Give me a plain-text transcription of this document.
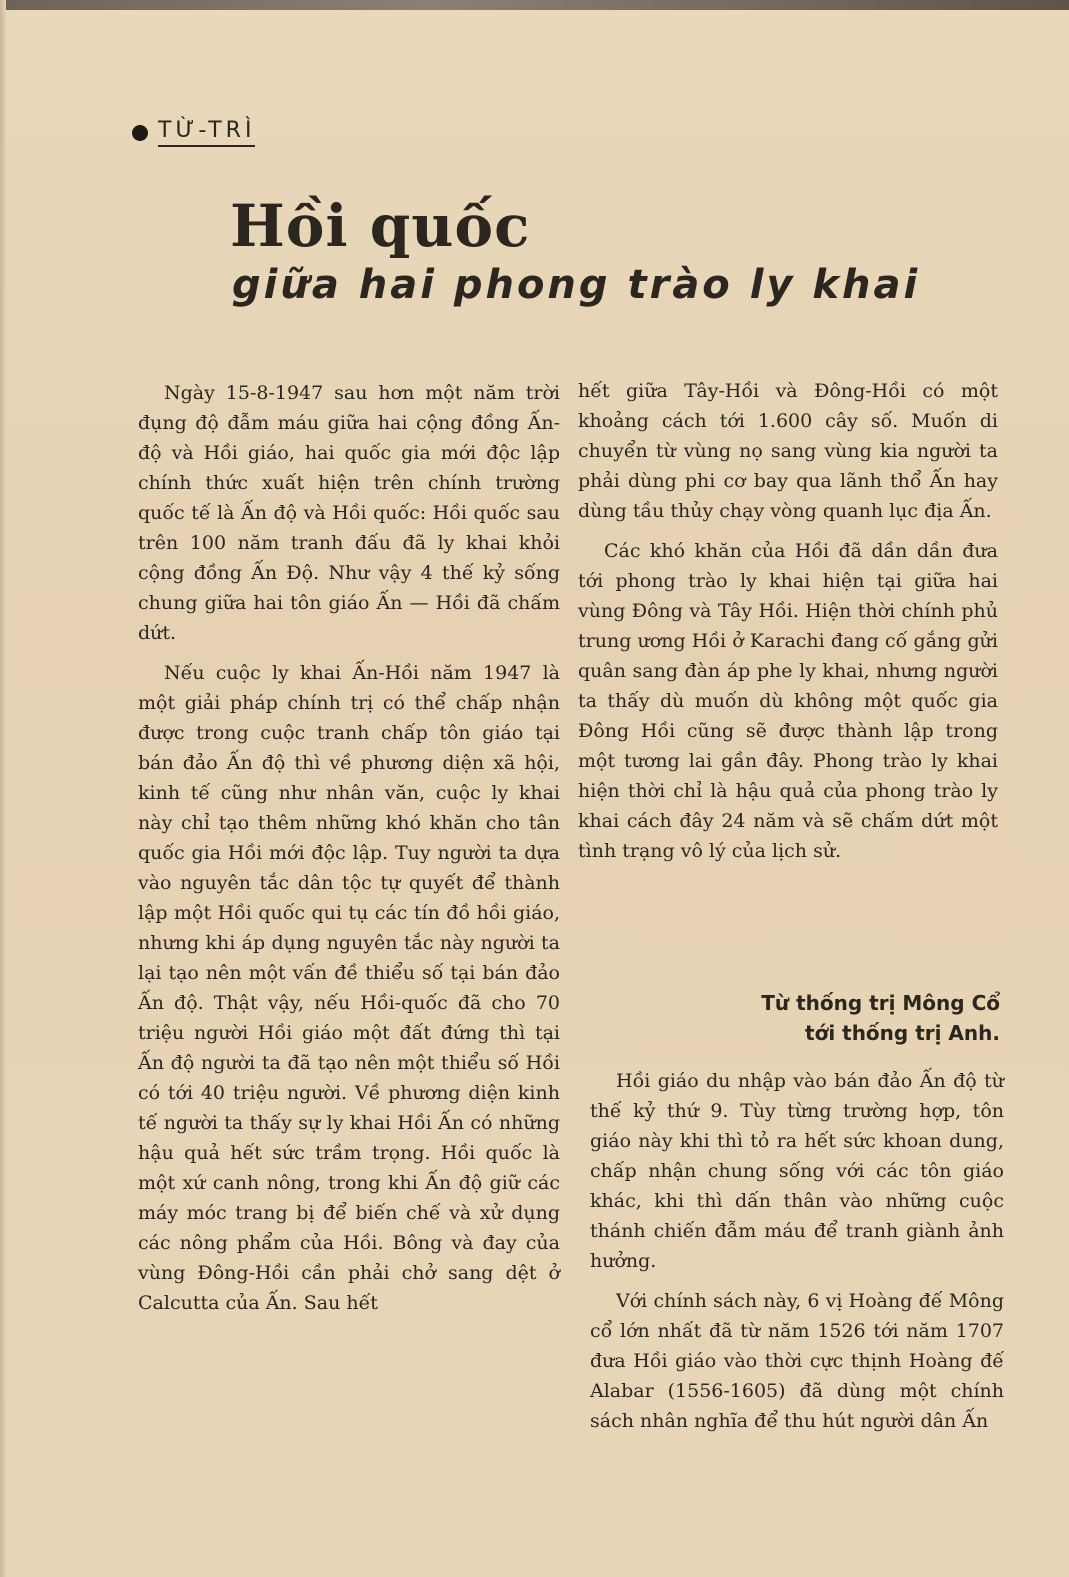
TỪ-TRÌ
Hồi quốc
giữa hai phong trào ly khai

Ngày 15-8-1947 sau hơn một năm trời đụng độ đẫm máu giữa hai cộng đồng Ấn-độ và Hồi giáo, hai quốc gia mới độc lập chính thức xuất hiện trên chính trường quốc tế là Ấn độ và Hồi quốc: Hồi quốc sau trên 100 năm tranh đấu đã ly khai khỏi cộng đồng Ấn Độ. Như vậy 4 thế kỷ sống chung giữa hai tôn giáo Ấn — Hồi đã chấm dứt.

Nếu cuộc ly khai Ấn-Hồi năm 1947 là một giải pháp chính trị có thể chấp nhận được trong cuộc tranh chấp tôn giáo tại bán đảo Ấn độ thì về phương diện xã hội, kinh tế cũng như nhân văn, cuộc ly khai này chỉ tạo thêm những khó khăn cho tân quốc gia Hồi mới độc lập. Tuy người ta dựa vào nguyên tắc dân tộc tự quyết để thành lập một Hồi quốc qui tụ các tín đồ hồi giáo, nhưng khi áp dụng nguyên tắc này người ta lại tạo nên một vấn đề thiểu số tại bán đảo Ấn độ. Thật vậy, nếu Hồi-quốc đã cho 70 triệu người Hồi giáo một đất đứng thì tại Ấn độ người ta đã tạo nên một thiểu số Hồi có tới 40 triệu người. Về phương diện kinh tế người ta thấy sự ly khai Hồi Ấn có những hậu quả hết sức trầm trọng. Hồi quốc là một xứ canh nông, trong khi Ấn độ giữ các máy móc trang bị để biến chế và xử dụng các nông phẩm của Hồi. Bông và đay của vùng Đông-Hồi cần phải chở sang dệt ở Calcutta của Ấn. Sau hết

hết giữa Tây-Hồi và Đông-Hồi có một khoảng cách tới 1.600 cây số. Muốn di chuyển từ vùng nọ sang vùng kia người ta phải dùng phi cơ bay qua lãnh thổ Ấn hay dùng tầu thủy chạy vòng quanh lục địa Ấn.

Các khó khăn của Hồi đã dần dần đưa tới phong trào ly khai hiện tại giữa hai vùng Đông và Tây Hồi. Hiện thời chính phủ trung ương Hồi ở Karachi đang cố gắng gửi quân sang đàn áp phe ly khai, nhưng người ta thấy dù muốn dù không một quốc gia Đông Hồi cũng sẽ được thành lập trong một tương lai gần đây. Phong trào ly khai hiện thời chỉ là hậu quả của phong trào ly khai cách đây 24 năm và sẽ chấm dứt một tình trạng vô lý của lịch sử.

Từ thống trị Mông Cổ
tới thống trị Anh.

Hồi giáo du nhập vào bán đảo Ấn độ từ thế kỷ thứ 9. Tùy từng trường hợp, tôn giáo này khi thì tỏ ra hết sức khoan dung, chấp nhận chung sống với các tôn giáo khác, khi thì dấn thân vào những cuộc thánh chiến đẫm máu để tranh giành ảnh hưởng.

Với chính sách này, 6 vị Hoàng đế Mông cổ lớn nhất đã từ năm 1526 tới năm 1707 đưa Hồi giáo vào thời cực thịnh Hoàng đế Alabar (1556-1605) đã dùng một chính sách nhân nghĩa để thu hút người dân Ấn
